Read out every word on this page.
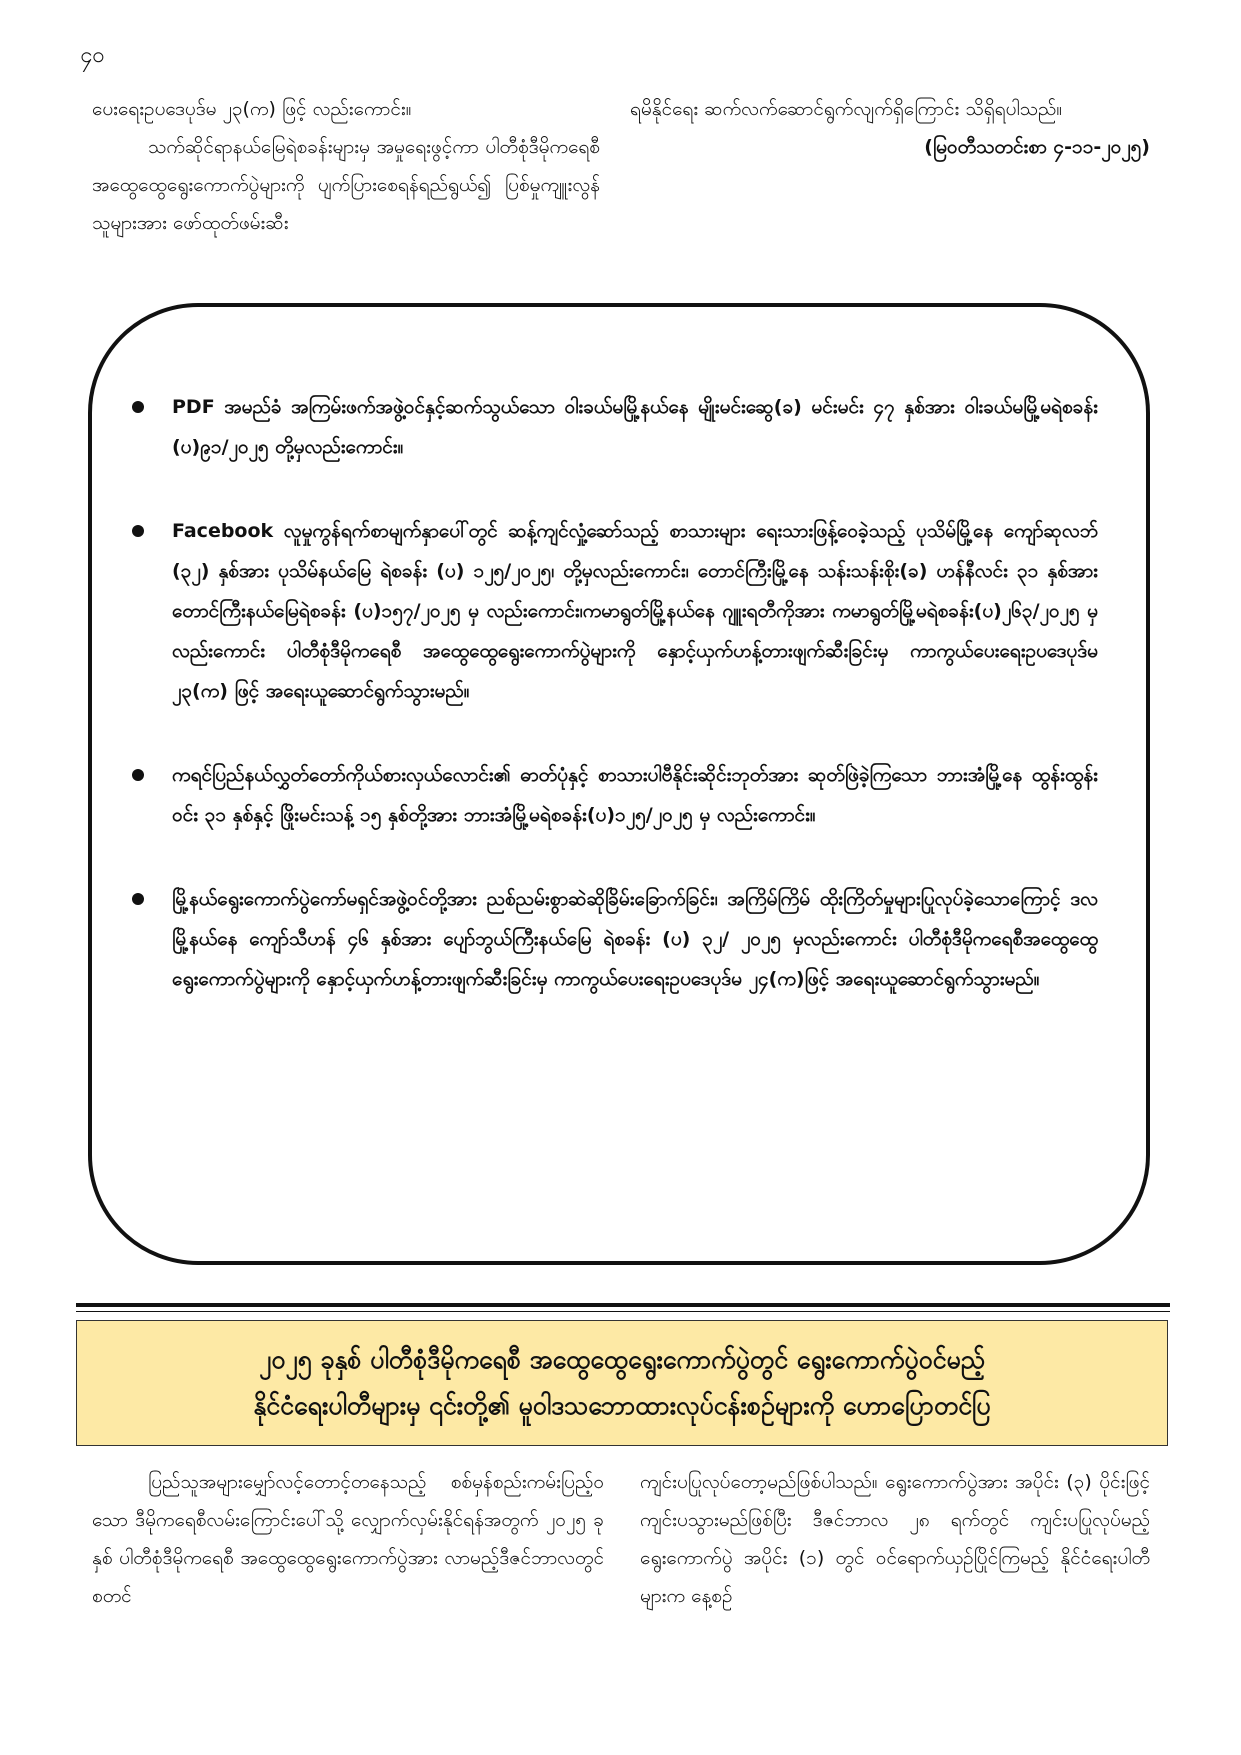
၄၀

ပေးရေးဥပဒေပုဒ်မ ၂၃(က) ဖြင့် လည်းကောင်း။

သက်ဆိုင်ရာနယ်မြေရဲစခန်းများမှ အမှုရေးဖွင့်ကာ ပါတီစုံဒီမိုကရေစီ အထွေထွေရွေးကောက်ပွဲများကို ပျက်ပြားစေရန်ရည်ရွယ်၍ ပြစ်မှုကျူးလွန်သူများအား ဖော်ထုတ်ဖမ်းဆီး

ရမိနိုင်ရေး ဆက်လက်ဆောင်ရွက်လျက်ရှိကြောင်း သိရှိရပါသည်။

(မြဝတီသတင်းစာ ၄-၁၁-၂၀၂၅)

PDF အမည်ခံ အကြမ်းဖက်အဖွဲ့ဝင်နှင့်ဆက်သွယ်သော ဝါးခယ်မမြို့နယ်နေ မျိုးမင်းဆွေ(ခ) မင်းမင်း ၄၇ နှစ်အား ဝါးခယ်မမြို့မရဲစခန်း (ပ)၉၁/၂၀၂၅ တို့မှလည်းကောင်း။
Facebook လူမှုကွန်ရက်စာမျက်နှာပေါ်တွင် ဆန့်ကျင်လှုံ့ဆော်သည့် စာသားများ ရေးသားဖြန့်ဝေခဲ့သည့် ပုသိမ်မြို့နေ ကျော်ဆုလဘ် (၃၂) နှစ်အား ပုသိမ်နယ်မြေ ရဲစခန်း (ပ) ၁၂၅/၂၀၂၅၊ တို့မှလည်းကောင်း၊ တောင်ကြီးမြို့နေ သန်းသန်းစိုး(ခ) ဟန်နီလင်း ၃၁ နှစ်အား တောင်ကြီးနယ်မြေရဲစခန်း (ပ)၁၅၇/၂၀၂၅ မှ လည်းကောင်း၊ကမာရွတ်မြို့နယ်နေ ဂျူးရတီကိုအား ကမာရွတ်မြို့မရဲစခန်း(ပ)၂၆၃/၂၀၂၅ မှလည်းကောင်း ပါတီစုံဒီမိုကရေစီ အထွေထွေရွေးကောက်ပွဲများကို နှောင့်ယှက်ဟန့်တားဖျက်ဆီးခြင်းမှ ကာကွယ်ပေးရေးဥပဒေပုဒ်မ ၂၃(က) ဖြင့် အရေးယူဆောင်ရွက်သွားမည်။
ကရင်ပြည်နယ်လွှတ်တော်ကိုယ်စားလှယ်လောင်း၏ ဓာတ်ပုံနှင့် စာသားပါဗီနိုင်းဆိုင်းဘုတ်အား ဆုတ်ဖြဲခဲ့ကြသော ဘားအံမြို့နေ ထွန်းထွန်းဝင်း ၃၁ နှစ်နှင့် ဖြိုးမင်းသန့် ၁၅ နှစ်တို့အား ဘားအံမြို့မရဲစခန်း(ပ)၁၂၅/၂၀၂၅ မှ လည်းကောင်း။
မြို့နယ်ရွေးကောက်ပွဲကော်မရှင်အဖွဲ့ဝင်တို့အား ညစ်ညမ်းစွာဆဲဆိုခြိမ်းခြောက်ခြင်း၊ အကြိမ်ကြိမ် ထိုးကြိတ်မှုများပြုလုပ်ခဲ့သောကြောင့် ဒလမြို့နယ်နေ ကျော်သီဟန် ၄၆ နှစ်အား ပျော်ဘွယ်ကြီးနယ်မြေ ရဲစခန်း (ပ) ၃၂/ ၂၀၂၅ မှလည်းကောင်း ပါတီစုံဒီမိုကရေစီအထွေထွေ ရွေးကောက်ပွဲများကို နှောင့်ယှက်ဟန့်တားဖျက်ဆီးခြင်းမှ ကာကွယ်ပေးရေးဥပဒေပုဒ်မ ၂၄(က)ဖြင့် အရေးယူဆောင်ရွက်သွားမည်။
၂၀၂၅ ခုနှစ် ပါတီစုံဒီမိုကရေစီ အထွေထွေရွေးကောက်ပွဲတွင် ရွေးကောက်ပွဲဝင်မည့်
နိုင်ငံရေးပါတီများမှ ၎င်းတို့၏ မူဝါဒသဘောထားလုပ်ငန်းစဉ်များကို ဟောပြောတင်ပြ

ပြည်သူအများမျှော်လင့်တောင့်တနေသည့် စစ်မှန်စည်းကမ်းပြည့်ဝသော ဒီမိုကရေစီလမ်းကြောင်းပေါ်သို့ လျှောက်လှမ်းနိုင်ရန်အတွက် ၂၀၂၅ ခုနှစ် ပါတီစုံဒီမိုကရေစီ အထွေထွေရွေးကောက်ပွဲအား လာမည့်ဒီဇင်ဘာလတွင် စတင်

ကျင်းပပြုလုပ်တော့မည်ဖြစ်ပါသည်။ ရွေးကောက်ပွဲအား အပိုင်း (၃) ပိုင်းဖြင့် ကျင်းပသွားမည်ဖြစ်ပြီး ဒီဇင်ဘာလ ၂၈ ရက်တွင် ကျင်းပပြုလုပ်မည့် ရွေးကောက်ပွဲ အပိုင်း (၁) တွင် ဝင်ရောက်ယှဉ်ပြိုင်ကြမည့် နိုင်ငံရေးပါတီများက နေ့စဉ်
